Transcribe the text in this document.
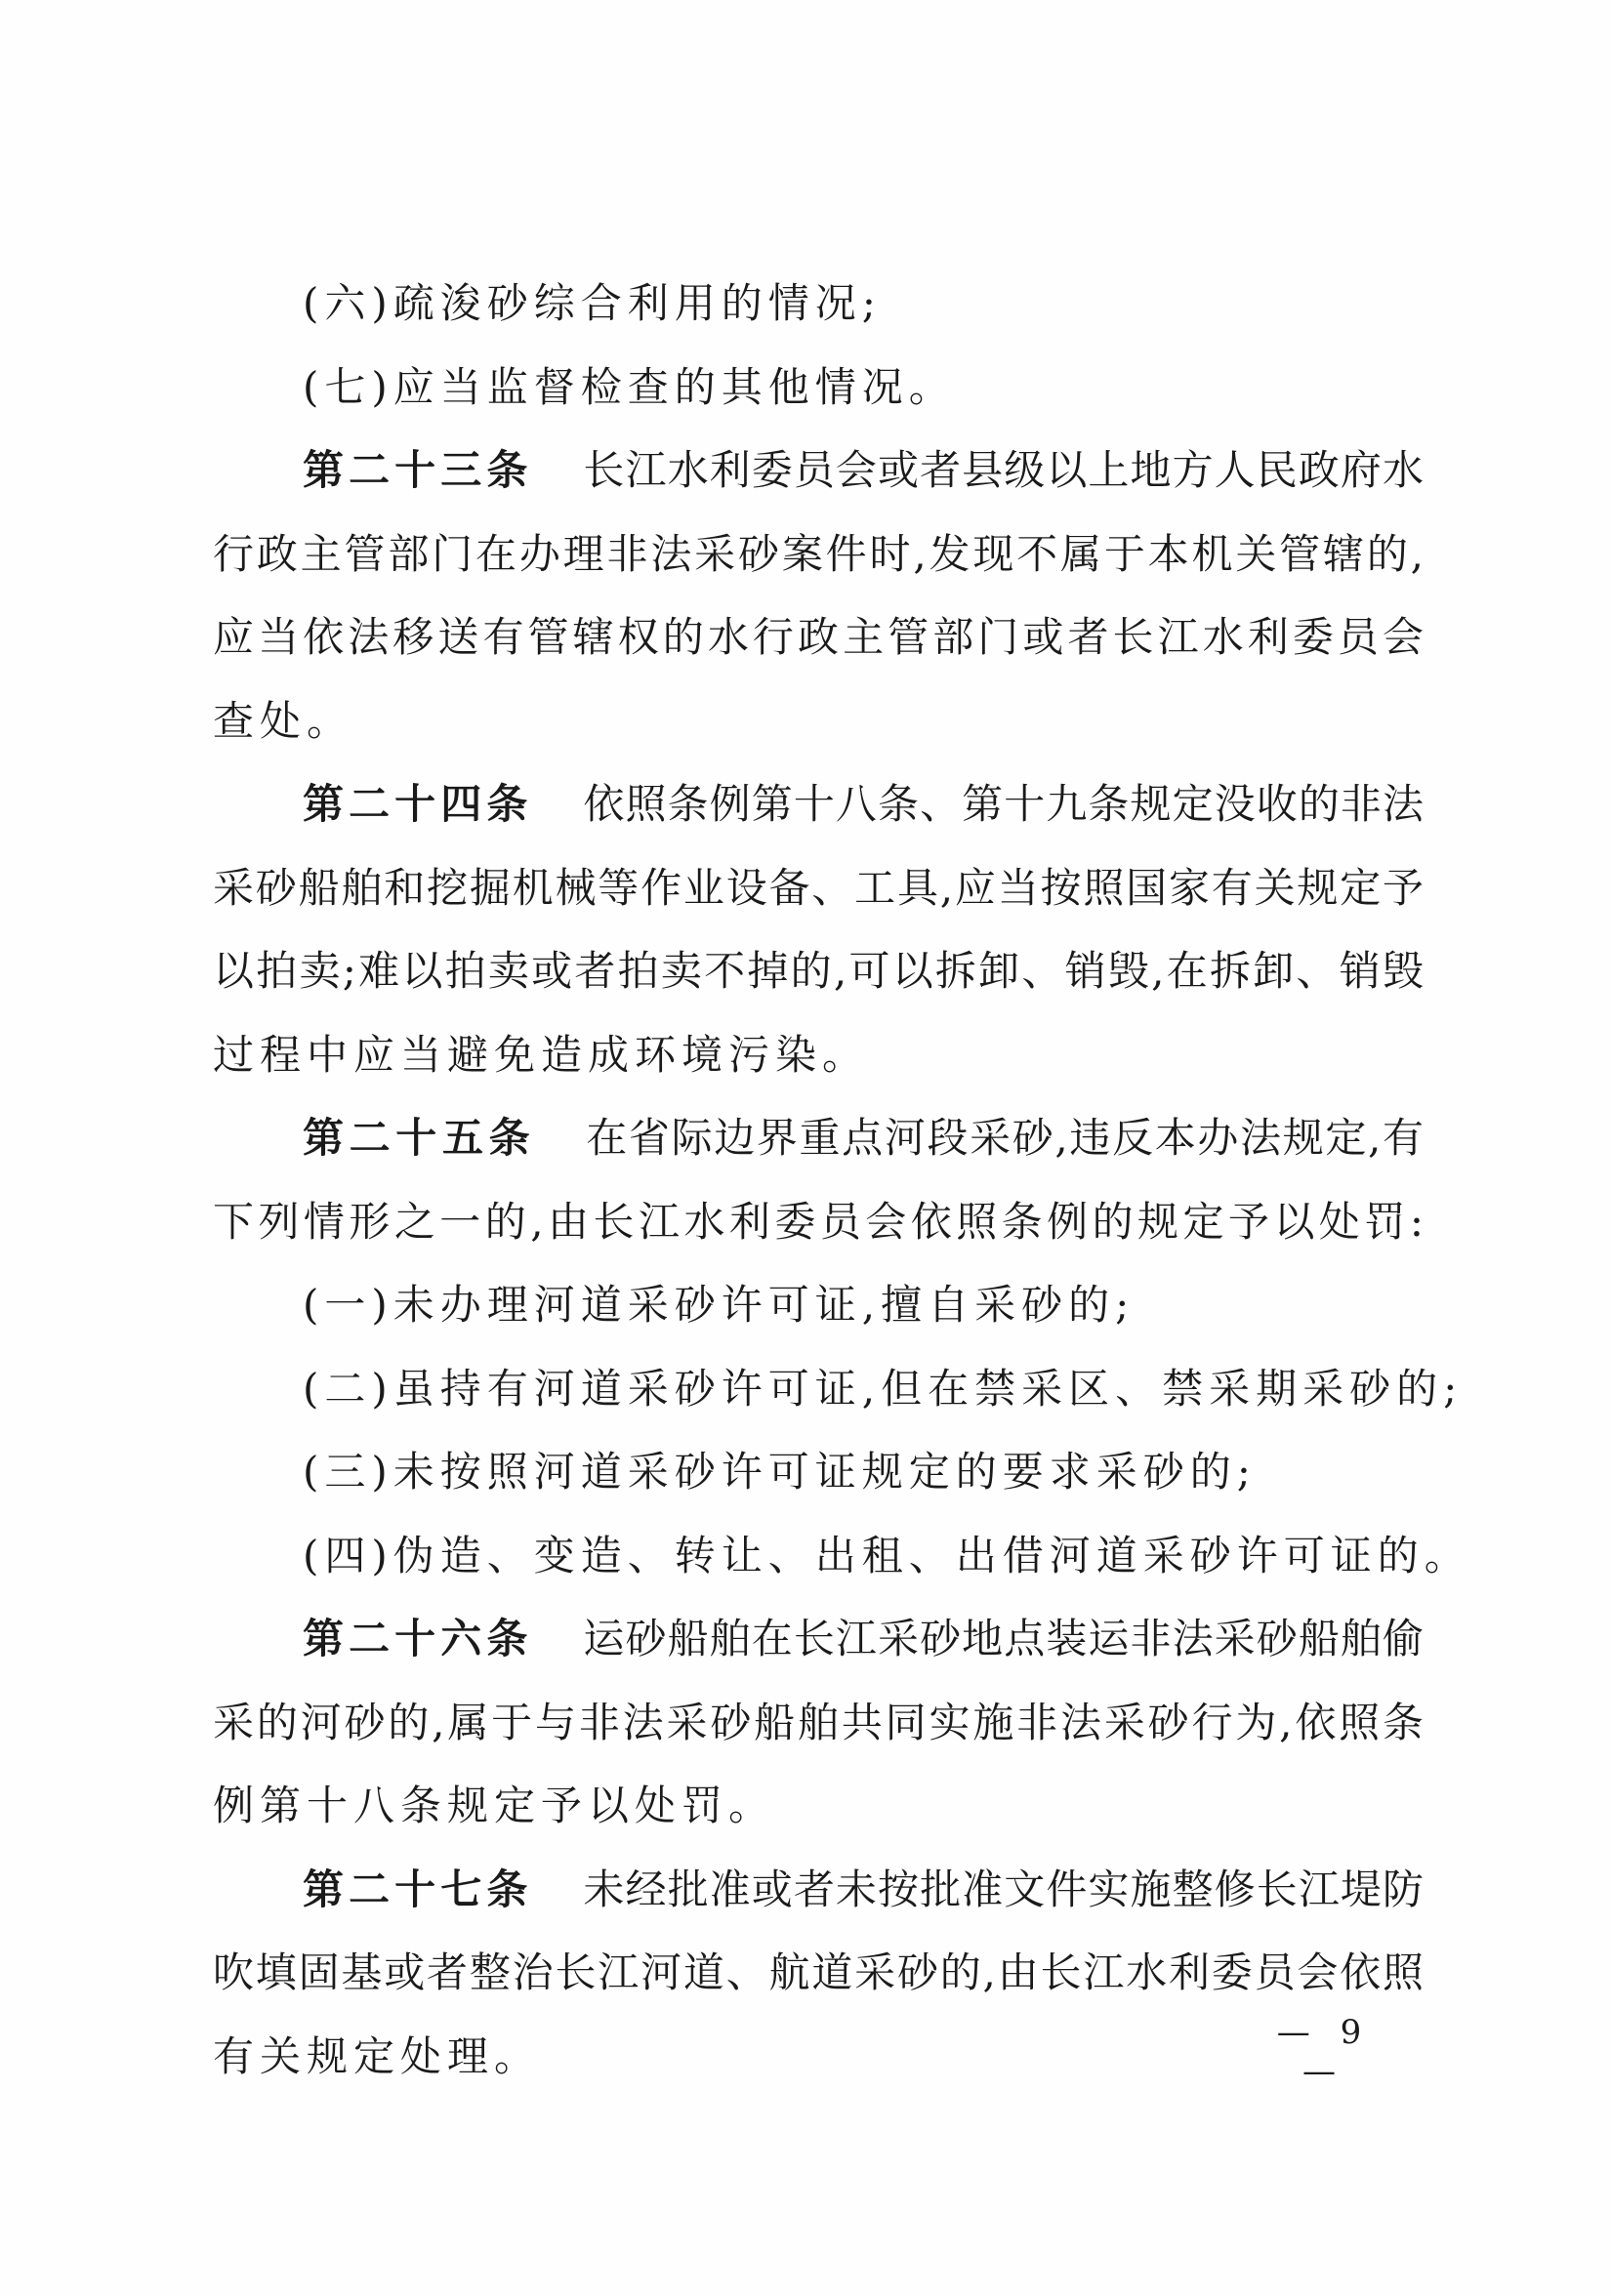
(六)疏浚砂综合利用的情况;
(七)应当监督检查的其他情况。
第二十三条 长江水利委员会或者县级以上地方人民政府水
行政主管部门在办理非法采砂案件时,发现不属于本机关管辖的,
应当依法移送有管辖权的水行政主管部门或者长江水利委员会
查处。
第二十四条 依照条例第十八条、第十九条规定没收的非法
采砂船舶和挖掘机械等作业设备、工具,应当按照国家有关规定予
以拍卖;难以拍卖或者拍卖不掉的,可以拆卸、销毁,在拆卸、销毁
过程中应当避免造成环境污染。
第二十五条 在省际边界重点河段采砂,违反本办法规定,有
下列情形之一的,由长江水利委员会依照条例的规定予以处罚:
(一)未办理河道采砂许可证,擅自采砂的;
(二)虽持有河道采砂许可证,但在禁采区、禁采期采砂的;
(三)未按照河道采砂许可证规定的要求采砂的;
(四)伪造、变造、转让、出租、出借河道采砂许可证的。
第二十六条 运砂船舶在长江采砂地点装运非法采砂船舶偷
采的河砂的,属于与非法采砂船舶共同实施非法采砂行为,依照条
例第十八条规定予以处罚。
第二十七条 未经批准或者未按批准文件实施整修长江堤防
吹填固基或者整治长江河道、航道采砂的,由长江水利委员会依照
有关规定处理。	— 9 —
